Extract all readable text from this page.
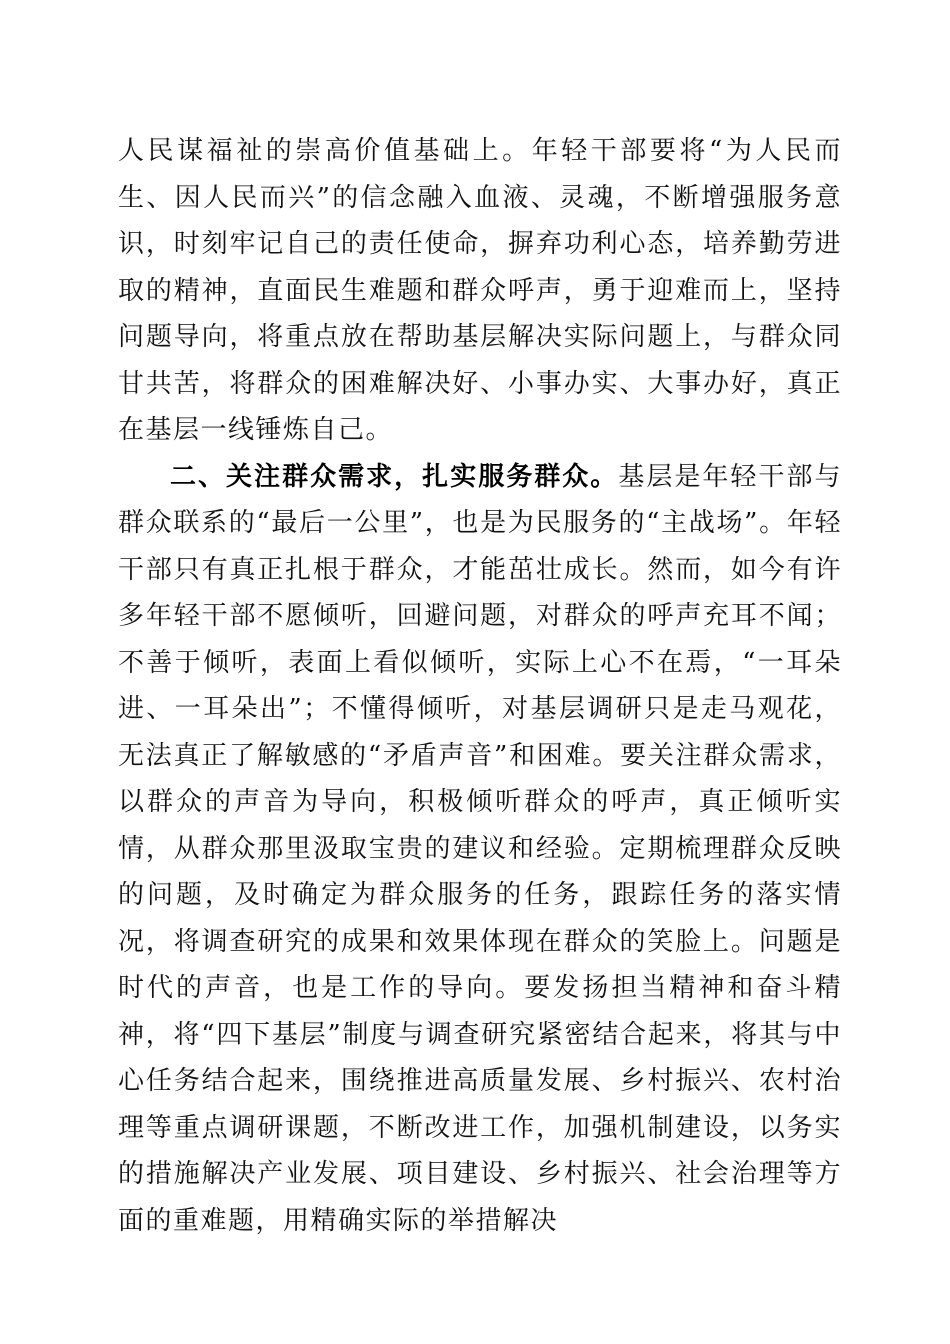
人民谋福祉的崇高价值基础上。年轻干部要将“为人民而生、因人民而兴”的信念融入血液、灵魂，不断增强服务意识，时刻牢记自己的责任使命，摒弃功利心态，培养勤劳进取的精神，直面民生难题和群众呼声，勇于迎难而上，坚持问题导向，将重点放在帮助基层解决实际问题上，与群众同甘共苦，将群众的困难解决好、小事办实、大事办好，真正在基层一线锤炼自己。

二、关注群众需求，扎实服务群众。基层是年轻干部与群众联系的“最后一公里”，也是为民服务的“主战场”。年轻干部只有真正扎根于群众，才能茁壮成长。然而，如今有许多年轻干部不愿倾听，回避问题，对群众的呼声充耳不闻；不善于倾听，表面上看似倾听，实际上心不在焉，“一耳朵进、一耳朵出”；不懂得倾听，对基层调研只是走马观花，无法真正了解敏感的“矛盾声音”和困难。要关注群众需求，以群众的声音为导向，积极倾听群众的呼声，真正倾听实情，从群众那里汲取宝贵的建议和经验。定期梳理群众反映的问题，及时确定为群众服务的任务，跟踪任务的落实情况，将调查研究的成果和效果体现在群众的笑脸上。问题是时代的声音，也是工作的导向。要发扬担当精神和奋斗精神，将“四下基层”制度与调查研究紧密结合起来，将其与中心任务结合起来，围绕推进高质量发展、乡村振兴、农村治理等重点调研课题，不断改进工作，加强机制建设，以务实的措施解决产业发展、项目建设、乡村振兴、社会治理等方面的重难题，用精确实际的举措解决
